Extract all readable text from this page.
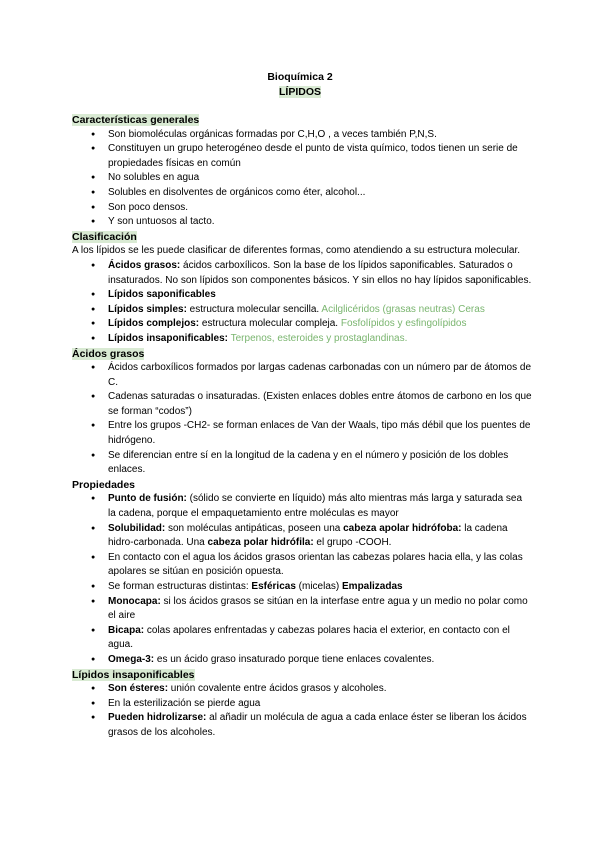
Bioquímica 2
LÍPIDOS
Características generales
● Son biomoléculas orgánicas formadas por C,H,O , a veces también P,N,S.
● Constituyen un grupo heterogéneo desde el punto de vista químico, todos tienen un serie de propiedades físicas en común
● No solubles en agua
● Solubles en disolventes de orgánicos como éter, alcohol...
● Son poco densos.
● Y son untuosos al tacto.
Clasificación

A los lípidos se les puede clasificar de diferentes formas, como atendiendo a su estructura molecular.

● Ácidos grasos: ácidos carboxílicos. Son la base de los lípidos saponificables. Saturados o insaturados. No son lípidos son componentes básicos. Y sin ellos no hay lípidos saponificables.
● Lípidos saponificables
● Lípidos simples: estructura molecular sencilla. Acilglicéridos (grasas neutras) Ceras
● Lípidos complejos: estructura molecular compleja. Fosfolípidos y esfingolípidos
● Lípidos insaponificables: Terpenos, esteroides y prostaglandinas.
Ácidos grasos
● Ácidos carboxílicos formados por largas cadenas carbonadas con un número par de átomos de C.
● Cadenas saturadas o insaturadas. (Existen enlaces dobles entre átomos de carbono en los que se forman “codos”)
● Entre los grupos -CH2- se forman enlaces de Van der Waals, tipo más débil que los puentes de hidrógeno.
● Se diferencian entre sí en la longitud de la cadena y en el número y posición de los dobles enlaces.
Propiedades
● Punto de fusión: (sólido se convierte en líquido) más alto mientras más larga y saturada sea la cadena, porque el empaquetamiento entre moléculas es mayor
● Solubilidad: son moléculas antipáticas, poseen una cabeza apolar hidrófoba: la cadena hidro-carbonada. Una cabeza polar hidrófila: el grupo -COOH.
● En contacto con el agua los ácidos grasos orientan las cabezas polares hacia ella, y las colas apolares se sitúan en posición opuesta.
● Se forman estructuras distintas: Esféricas (micelas) Empalizadas
● Monocapa: si los ácidos grasos se sitúan en la interfase entre agua y un medio no polar como el aire
● Bicapa: colas apolares enfrentadas y cabezas polares hacia el exterior, en contacto con el agua.
● Omega-3: es un ácido graso insaturado porque tiene enlaces covalentes.
Lípidos insaponificables
● Son ésteres: unión covalente entre ácidos grasos y alcoholes.
● En la esterilización se pierde agua
● Pueden hidrolizarse: al añadir un molécula de agua a cada enlace éster se liberan los ácidos grasos de los alcoholes.
